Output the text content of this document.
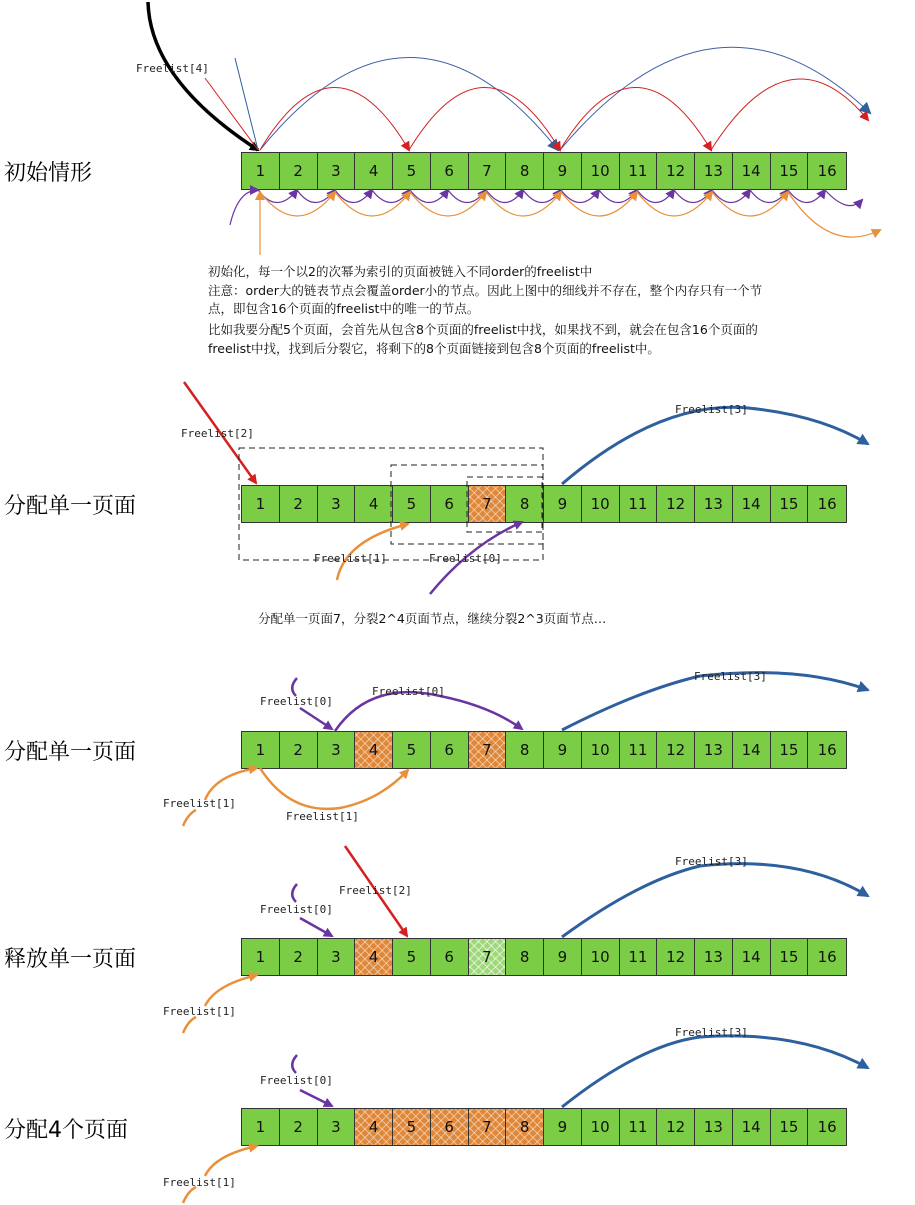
初始情形
分配单一页面
分配单一页面
释放单一页面
分配4个页面
1	2	3	4	5	6	7	8	9	10	11	12	13	14	15	16
1	2	3	4	5	6	7	8	9	10	11	12	13	14	15	16
1	2	3	4	5	6	7	8	9	10	11	12	13	14	15	16
1	2	3	4	5	6	7	8	9	10	11	12	13	14	15	16
1	2	3	4	5	6	7	8	9	10	11	12	13	14	15	16
Freelist[4]
Freelist[2]
Freelist[3]
Freelist[1]	Freelist[0]
Freelist[0]
Freelist[0]
Freelist[3]
Freelist[1]
Freelist[1]
Freelist[3]
Freelist[2]
Freelist[0]
Freelist[1]
Freelist[3]
Freelist[0]
Freelist[1]
初始化，每一个以2的次幂为索引的页面被链入不同order的freelist中
注意：order大的链表节点会覆盖order小的节点。因此上图中的细线并不存在，整个内存只有一个节
点，即包含16个页面的freelist中的唯一的节点。
比如我要分配5个页面，会首先从包含8个页面的freelist中找，如果找不到，就会在包含16个页面的
freelist中找，找到后分裂它，将剩下的8个页面链接到包含8个页面的freelist中。
分配单一页面7，分裂2^4页面节点，继续分裂2^3页面节点…
